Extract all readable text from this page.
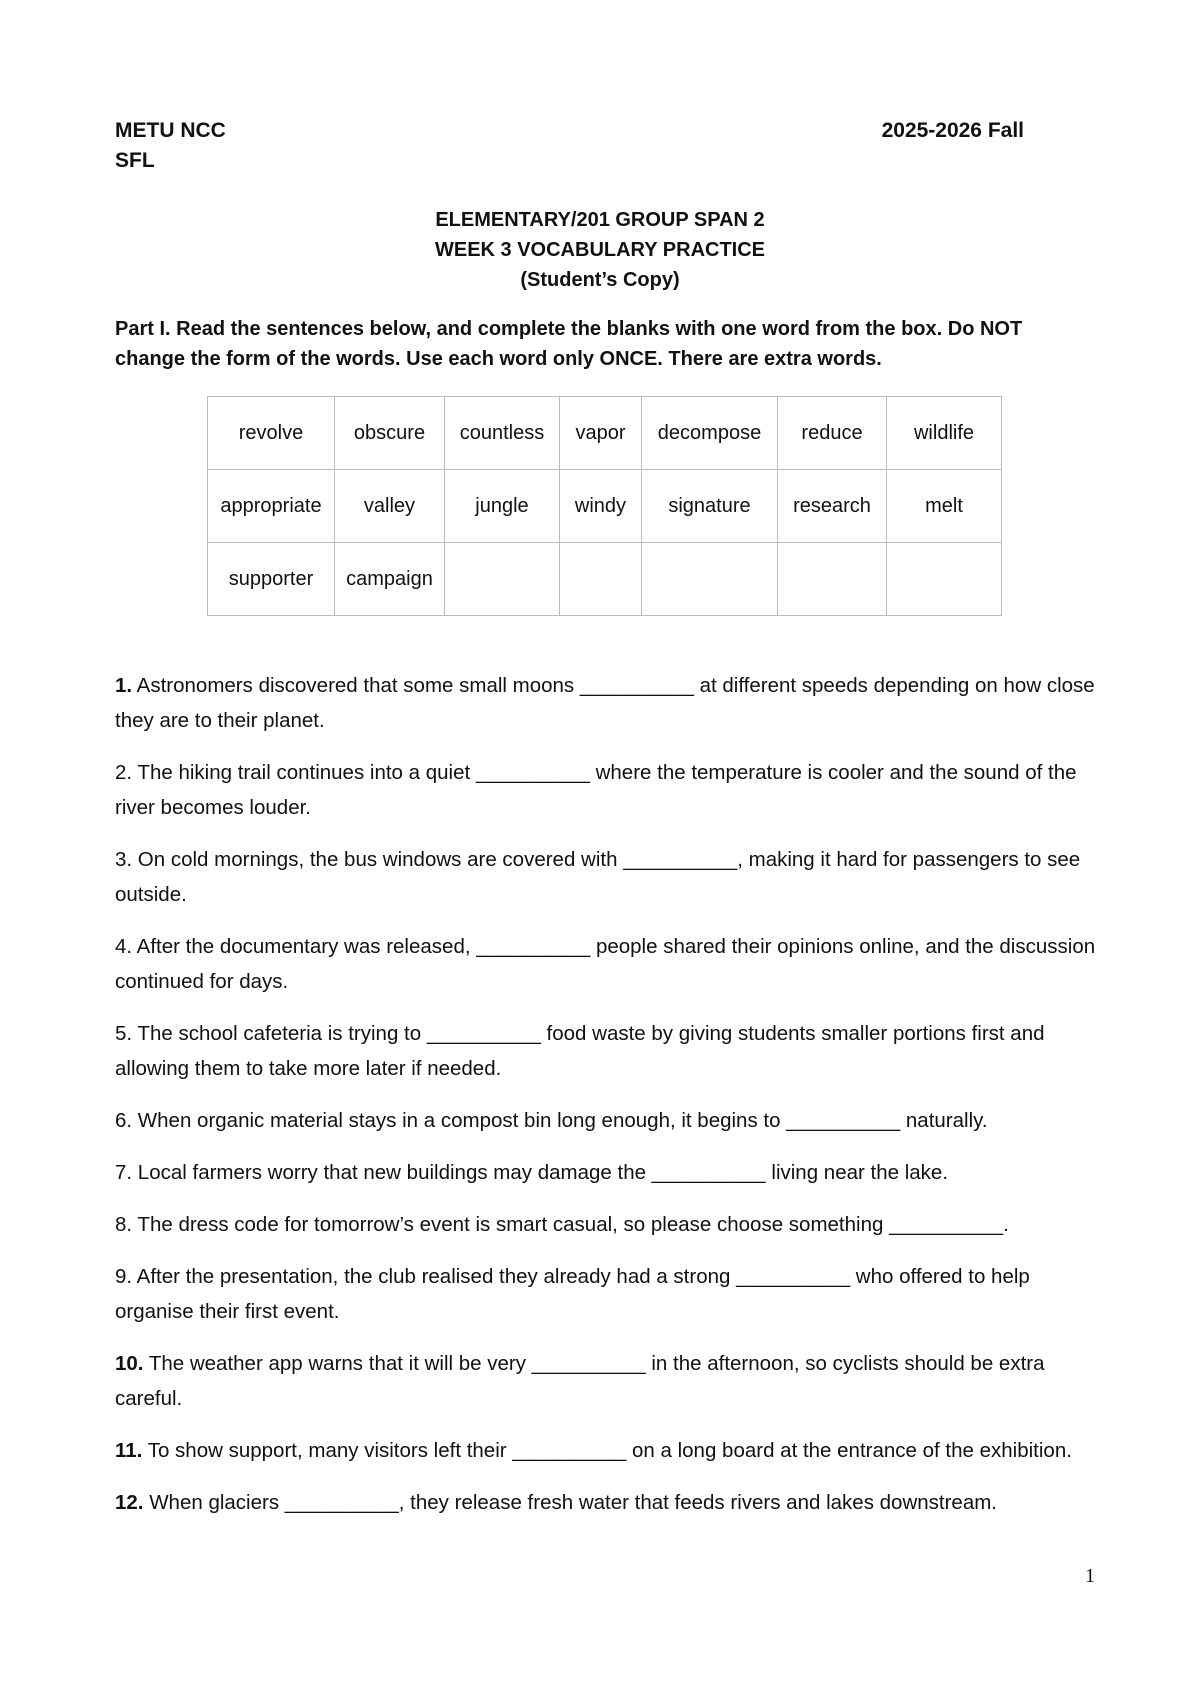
METU NCC
SFL
2025-2026 Fall
ELEMENTARY/201 GROUP SPAN 2
WEEK 3 VOCABULARY PRACTICE
(Student’s Copy)
Part I. Read the sentences below, and complete the blanks with one word from the box. Do NOT change the form of the words. Use each word only ONCE. There are extra words.
revolve	obscure	countless	vapor	decompose	reduce	wildlife
appropriate	valley	jungle	windy	signature	research	melt
supporter	campaign					

1. Astronomers discovered that some small moons __________ at different speeds depending on how close they are to their planet.

2. The hiking trail continues into a quiet __________ where the temperature is cooler and the sound of the river becomes louder.

3. On cold mornings, the bus windows are covered with __________, making it hard for passengers to see outside.

4. After the documentary was released, __________ people shared their opinions online, and the discussion continued for days.

5. The school cafeteria is trying to __________ food waste by giving students smaller portions first and allowing them to take more later if needed.

6. When organic material stays in a compost bin long enough, it begins to __________ naturally.

7. Local farmers worry that new buildings may damage the __________ living near the lake.

8. The dress code for tomorrow’s event is smart casual, so please choose something __________.

9. After the presentation, the club realised they already had a strong __________ who offered to help organise their first event.

10. The weather app warns that it will be very __________ in the afternoon, so cyclists should be extra careful.

11. To show support, many visitors left their __________ on a long board at the entrance of the exhibition.

12. When glaciers __________, they release fresh water that feeds rivers and lakes downstream.

1
